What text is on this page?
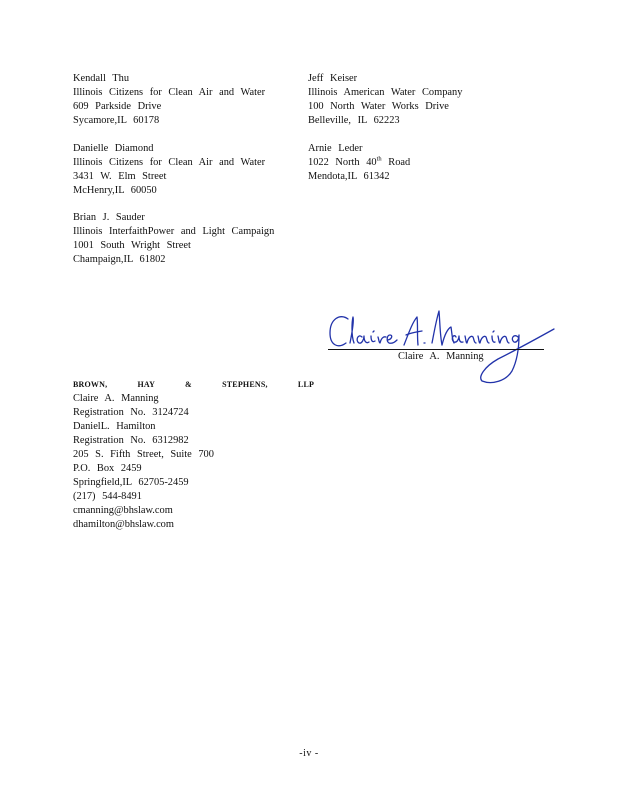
Kendall Thu
Illinois Citizens for Clean Air and Water
609 Parkside Drive
Sycamore,IL 60178
Danielle Diamond
Illinois Citizens for Clean Air and Water
3431 W. Elm Street
McHenry,IL 60050
Brian J. Sauder
Illinois InterfaithPower and Light Campaign
1001 South Wright Street
Champaign,IL 61802
Jeff Keiser
Illinois American Water Company
100 North Water Works Drive
Belleville, IL 62223
Arnie Leder
1022 North 40th Road
Mendota,IL 61342
Claire A. Manning
BROWN, HAY & STEPHENS, LLP
Claire A. Manning
Registration No. 3124724
DanielL. Hamilton
Registration No. 6312982
205 S. Fifth Street, Suite 700
P.O. Box 2459
Springfield,IL 62705-2459
(217) 544-8491
cmanning@bhslaw.com
dhamilton@bhslaw.com
-iv -
